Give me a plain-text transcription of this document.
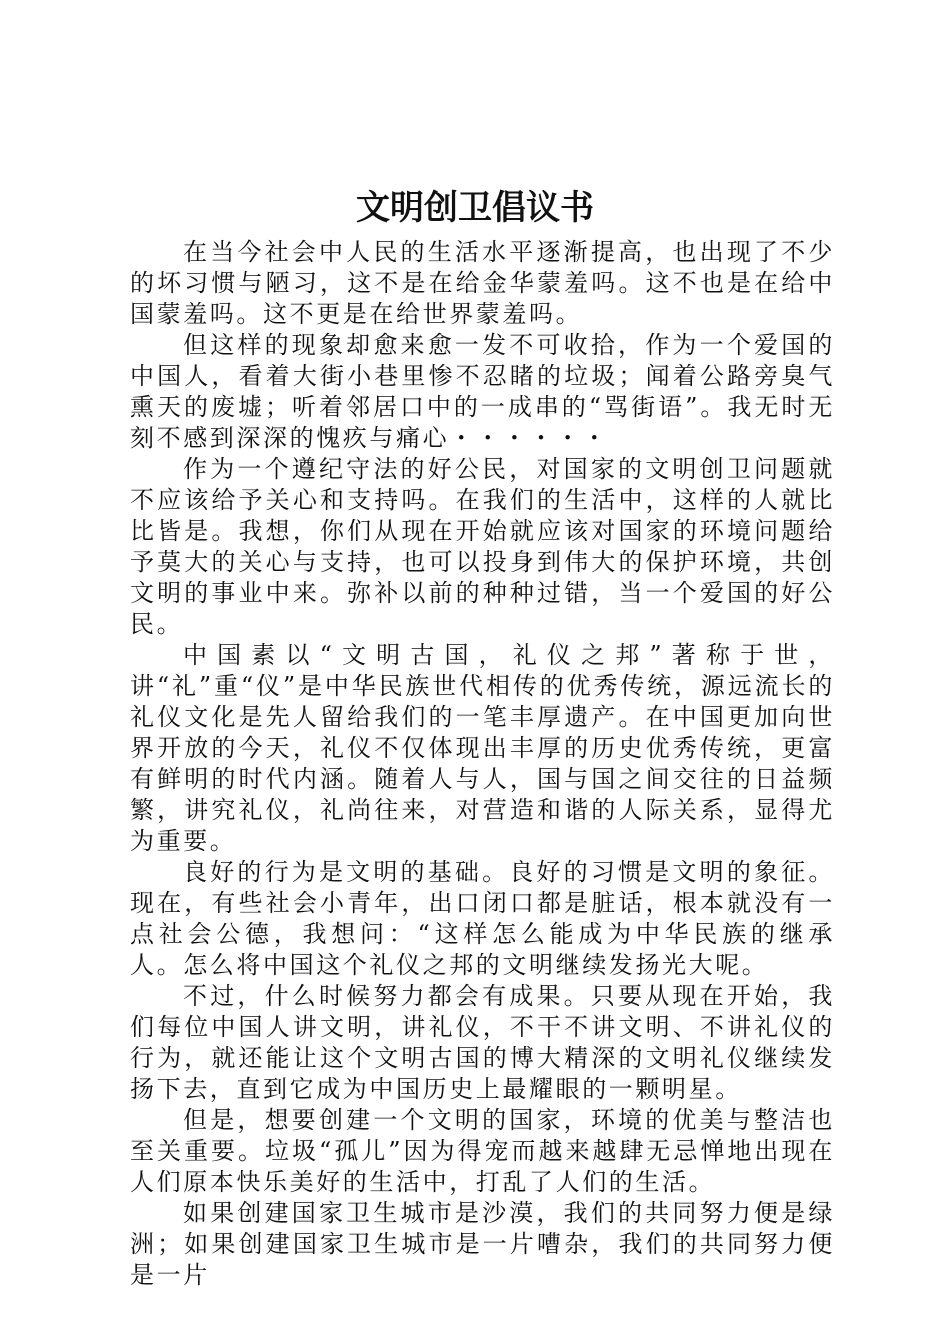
文明创卫倡议书

在当今社会中人民的生活水平逐渐提高，也出现了不少的坏习惯与陋习，这不是在给金华蒙羞吗。这不也是在给中国蒙羞吗。这不更是在给世界蒙羞吗。

但这样的现象却愈来愈一发不可收拾，作为一个爱国的中国人，看着大街小巷里惨不忍睹的垃圾；闻着公路旁臭气熏天的废墟；听着邻居口中的一成串的“骂街语”。我无时无刻不感到深深的愧疚与痛心・・・・・・

作为一个遵纪守法的好公民，对国家的文明创卫问题就不应该给予关心和支持吗。在我们的生活中，这样的人就比比皆是。我想，你们从现在开始就应该对国家的环境问题给予莫大的关心与支持，也可以投身到伟大的保护环境，共创文明的事业中来。弥补以前的种种过错，当一个爱国的好公民。

中国素以“文明古国，礼仪之邦”著称于世，讲“礼”重“仪”是中华民族世代相传的优秀传统，源远流长的礼仪文化是先人留给我们的一笔丰厚遗产。在中国更加向世界开放的今天，礼仪不仅体现出丰厚的历史优秀传统，更富有鲜明的时代内涵。随着人与人，国与国之间交往的日益频繁，讲究礼仪，礼尚往来，对营造和谐的人际关系，显得尤为重要。

良好的行为是文明的基础。良好的习惯是文明的象征。现在，有些社会小青年，出口闭口都是脏话，根本就没有一点社会公德，我想问：“这样怎么能成为中华民族的继承人。怎么将中国这个礼仪之邦的文明继续发扬光大呢。

不过，什么时候努力都会有成果。只要从现在开始，我们每位中国人讲文明，讲礼仪，不干不讲文明、不讲礼仪的行为，就还能让这个文明古国的博大精深的文明礼仪继续发扬下去，直到它成为中国历史上最耀眼的一颗明星。

但是，想要创建一个文明的国家，环境的优美与整洁也至关重要。垃圾“孤儿”因为得宠而越来越肆无忌惮地出现在人们原本快乐美好的生活中，打乱了人们的生活。

如果创建国家卫生城市是沙漠，我们的共同努力便是绿洲；如果创建国家卫生城市是一片嘈杂，我们的共同努力便是一片
